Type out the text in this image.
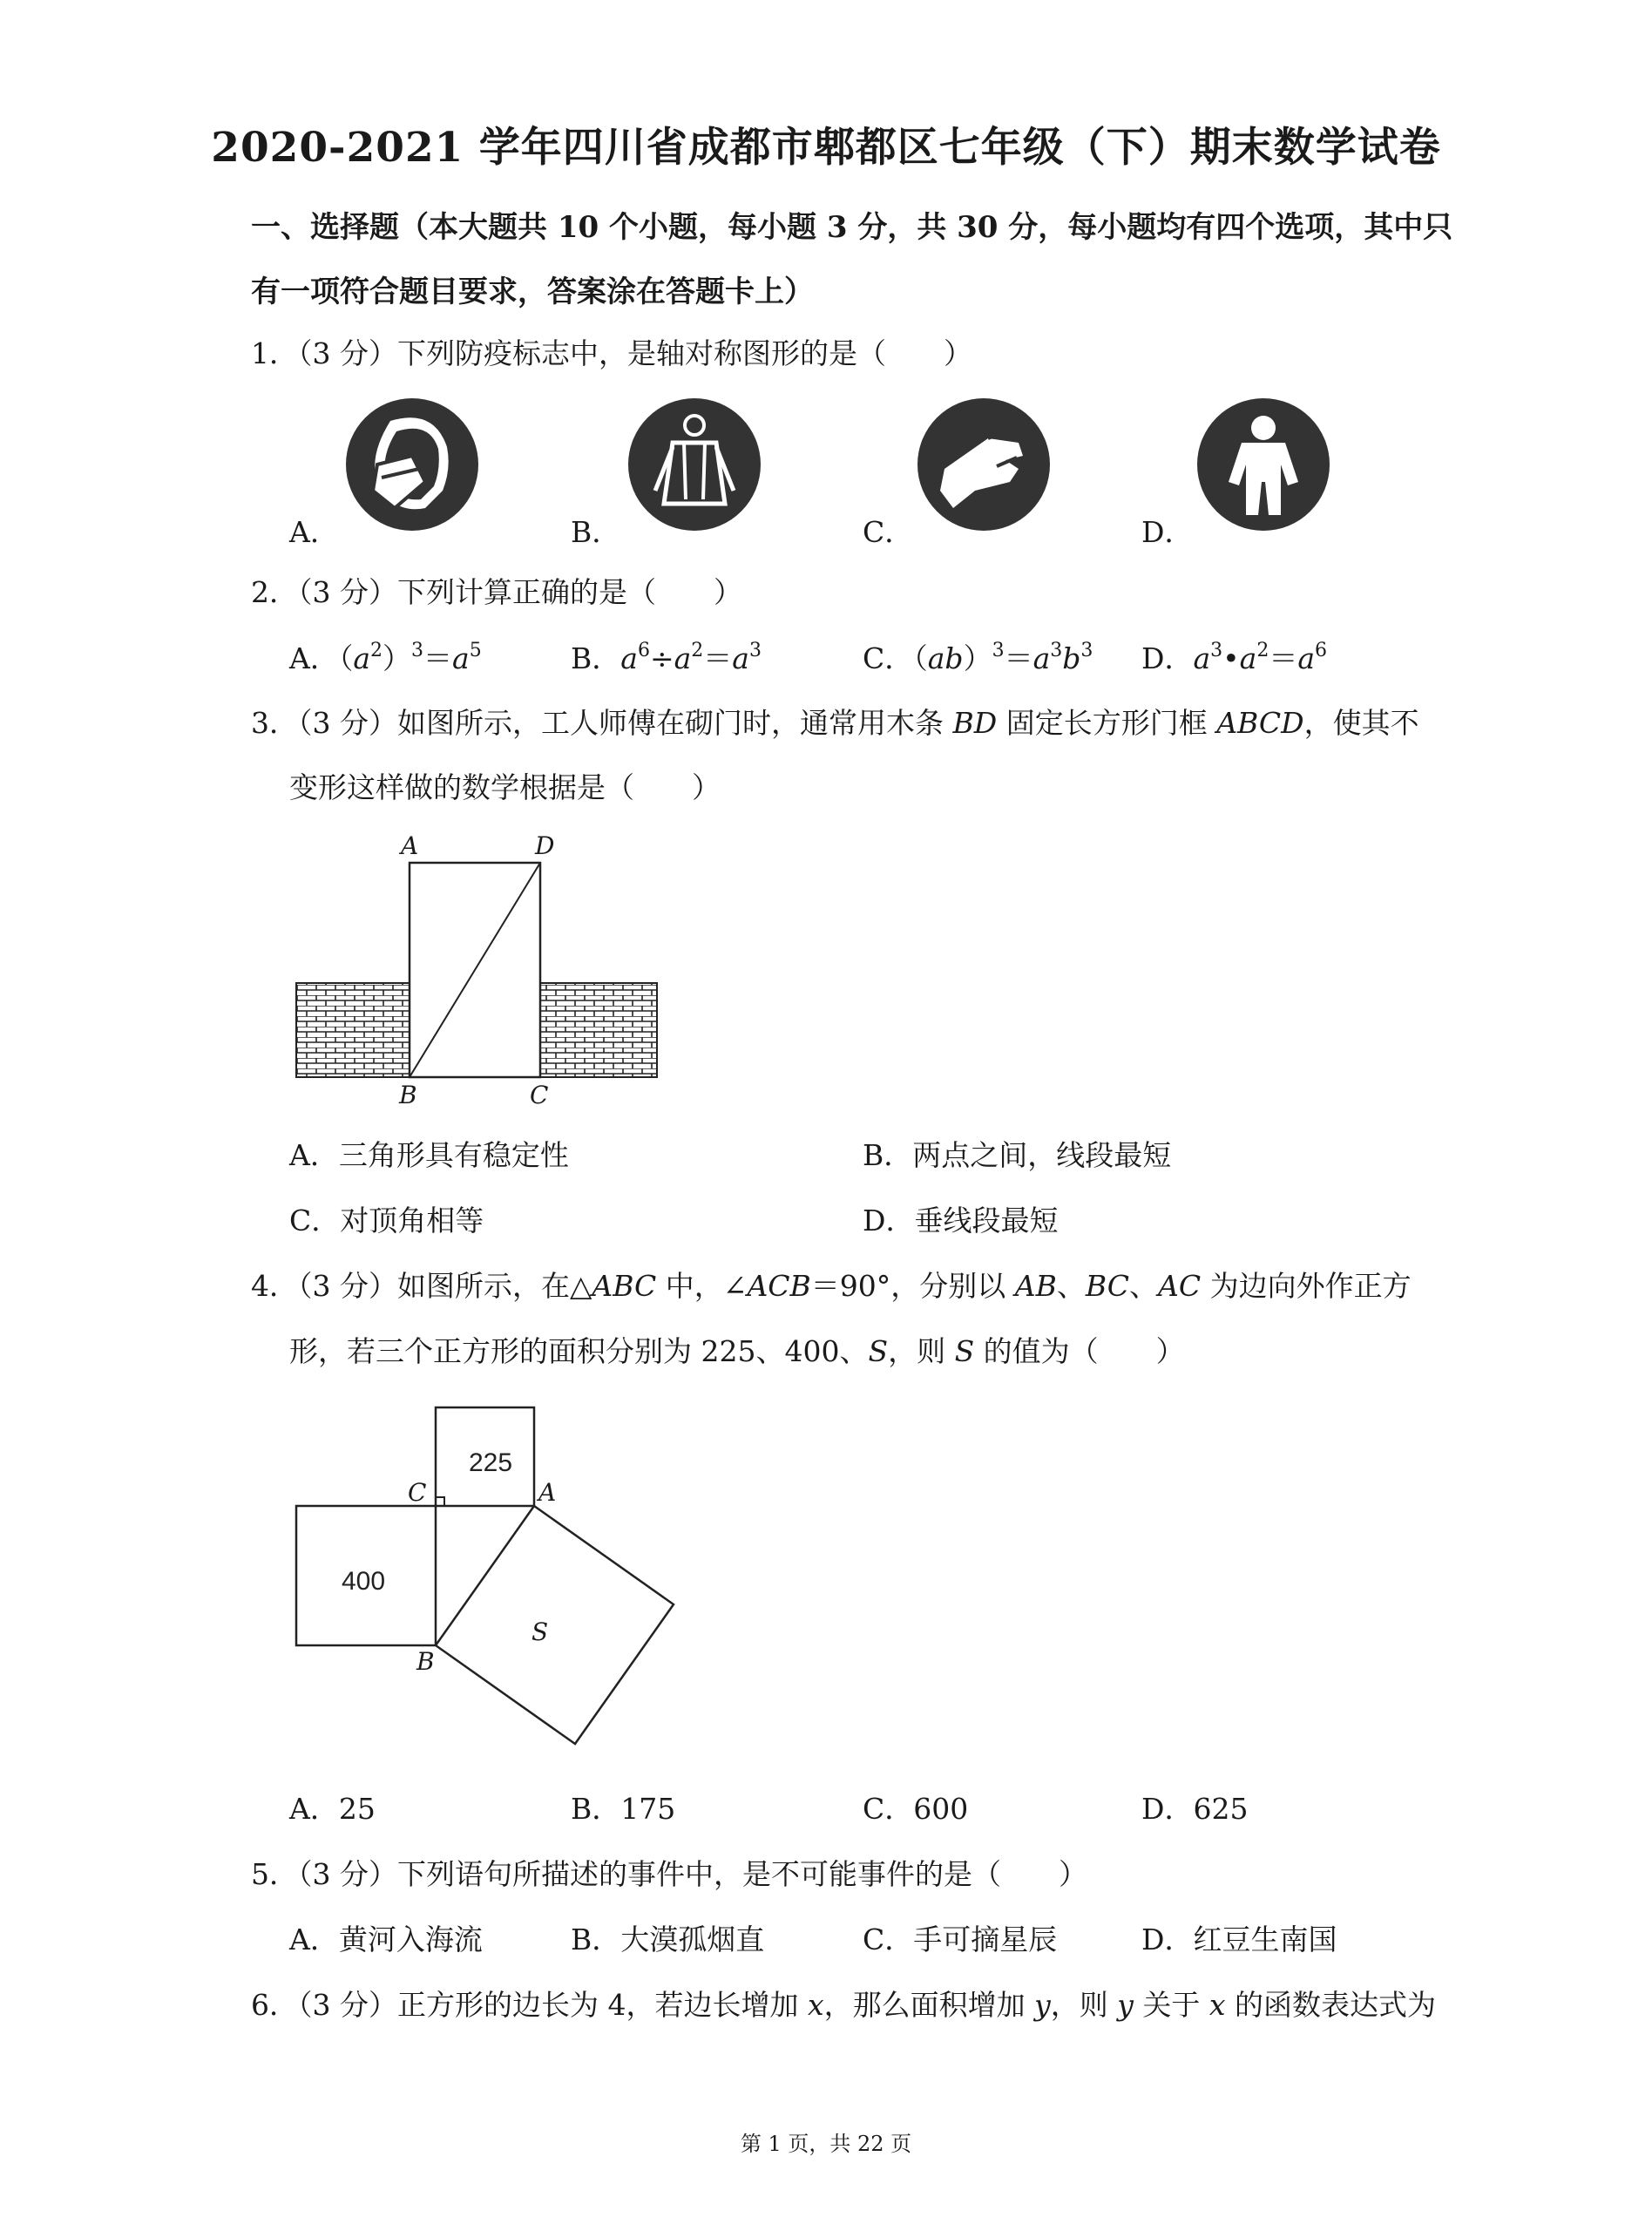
2020-2021 学年四川省成都市郫都区七年级（下）期末数学试卷
一、选择题（本大题共 10 个小题，每小题 3 分，共 30 分，每小题均有四个选项，其中只
有一项符合题目要求，答案涂在答题卡上）
1．（3 分）下列防疫标志中，是轴对称图形的是（　　）
A．	B．	C．	D．
2．（3 分）下列计算正确的是（　　）
A．$(a^2)^3=a^5$	B．$a^6\div a^2=a^3$	C．$(ab)^3=a^3b^3$ D．$a^3•a^2=a^6$
3．（3 分）如图所示，工人师傅在砌门时，通常用木条 BD 固定长方形门框 ABCD，使其不
变形这样做的数学根据是（　　）
A	D
B	C
A．三角形具有稳定性	B．两点之间，线段最短
C．对顶角相等	D．垂线段最短
4．（3 分）如图所示，在△ABC 中，∠ACB＝90°，分别以 AB、BC、AC 为边向外作正方
形，若三个正方形的面积分别为 225、400、S，则 S 的值为（　　）
225
400
S
C	A
B
A．25	B．175	C．600	D．625
5．（3 分）下列语句所描述的事件中，是不可能事件的是（　　）
A．黄河入海流	B．大漠孤烟直	C．手可摘星辰	D．红豆生南国
6．（3 分）正方形的边长为 4，若边长增加 x，那么面积增加 y，则 y 关于 x 的函数表达式为
第 1 页，共 22 页
